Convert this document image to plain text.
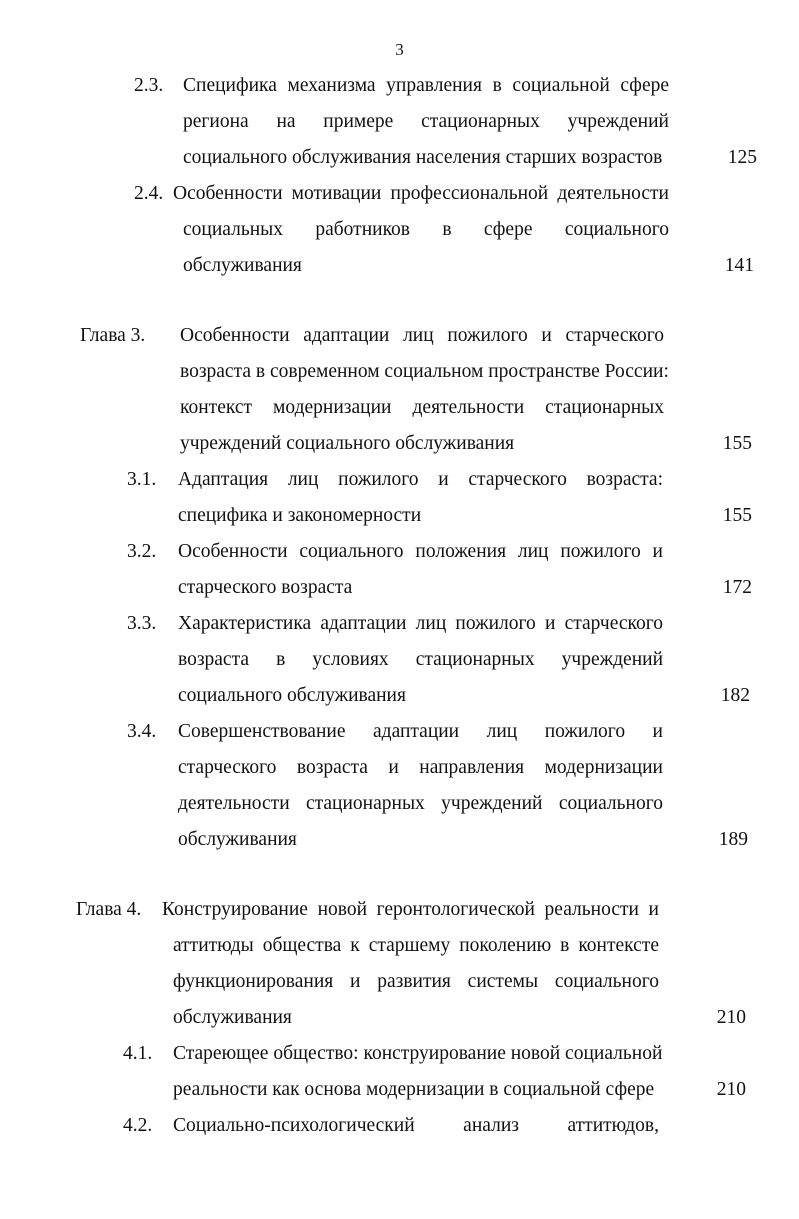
3
2.3. Специфика механизма управления в социальной сфере
региона на примере стационарных учреждений
социального обслуживания населения старших возрастов	125
2.4. Особенности мотивации профессиональной деятельности
социальных работников в сфере социального
обслуживания	141
Глава 3. Особенности адаптации лиц пожилого и старческого
возраста в современном социальном пространстве России:
контекст модернизации деятельности стационарных
учреждений социального обслуживания	155
3.1. Адаптация лиц пожилого и старческого возраста:
специфика и закономерности	155
3.2. Особенности социального положения лиц пожилого и
старческого возраста	172
3.3. Характеристика адаптации лиц пожилого и старческого
возраста в условиях стационарных учреждений
социального обслуживания	182
3.4. Совершенствование адаптации лиц пожилого и
старческого возраста и направления модернизации
деятельности стационарных учреждений социального
обслуживания	189
Глава 4. Конструирование новой геронтологической реальности и
аттитюды общества к старшему поколению в контексте
функционирования и развития системы социального
обслуживания	210
4.1. Стареющее общество: конструирование новой социальной
реальности как основа модернизации в социальной сфере	210
4.2. Социально-психологический анализ аттитюдов,
